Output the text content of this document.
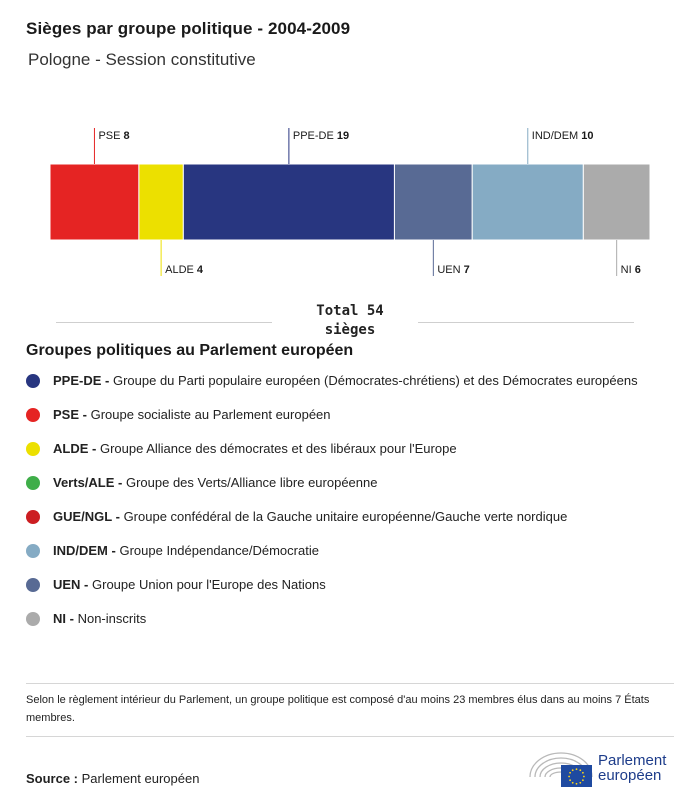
Sièges par groupe politique - 2004-2009
Pologne - Session constitutive
PSE 8
ALDE 4
PPE-DE 19
UEN 7
IND/DEM 10
NI 6
Total 54
sièges
Groupes politiques au Parlement européen
PPE-DE - Groupe du Parti populaire européen (Démocrates-chrétiens) et des Démocrates européens
PSE - Groupe socialiste au Parlement européen
ALDE - Groupe Alliance des démocrates et des libéraux pour l'Europe
Verts/ALE - Groupe des Verts/Alliance libre européenne
GUE/NGL - Groupe confédéral de la Gauche unitaire européenne/Gauche verte nordique
IND/DEM - Groupe Indépendance/Démocratie
UEN - Groupe Union pour l'Europe des Nations
NI - Non-inscrits
Selon le règlement intérieur du Parlement, un groupe politique est composé d'au moins 23 membres élus dans au moins 7 États membres.
Source : Parlement européen
Parlement
européen
